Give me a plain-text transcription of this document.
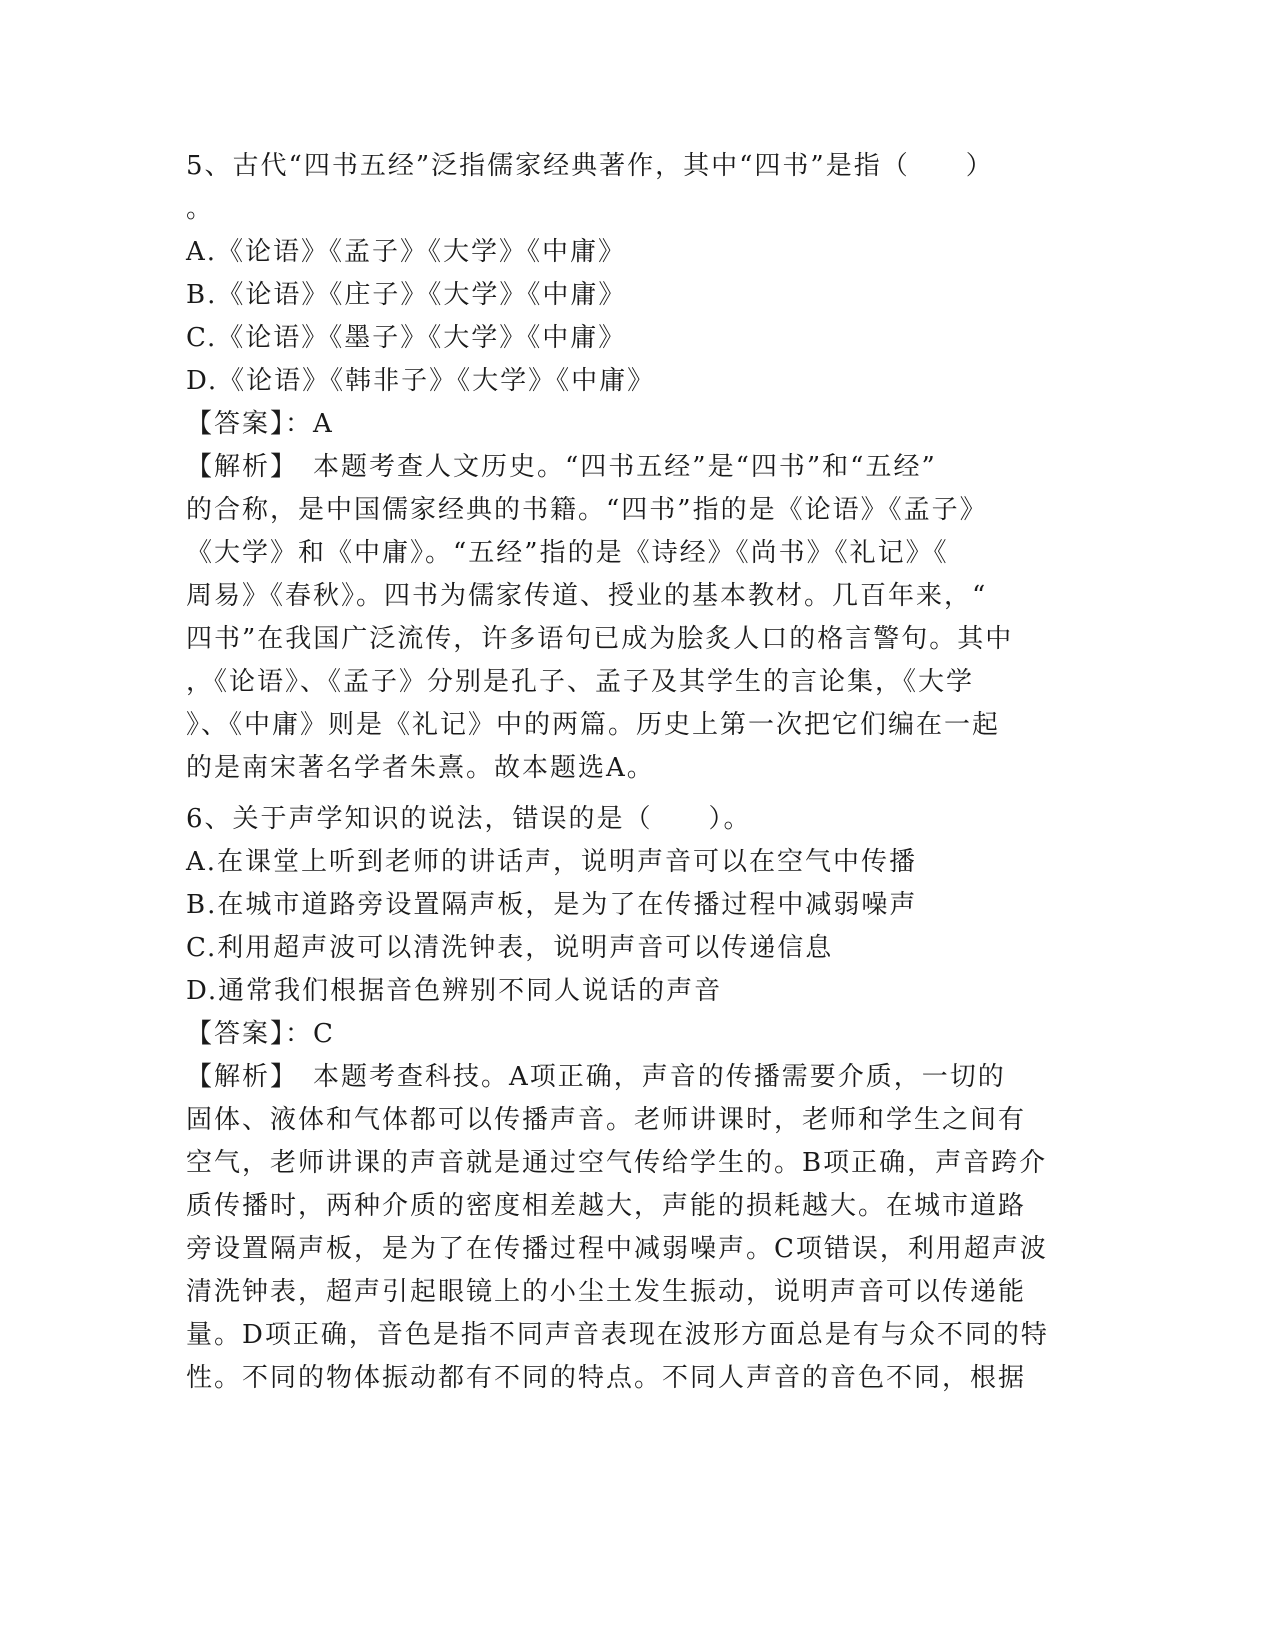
5、古代“四书五经”泛指儒家经典著作，其中“四书”是指（　　）
。
A.《论语》《孟子》《大学》《中庸》
B.《论语》《庄子》《大学》《中庸》
C.《论语》《墨子》《大学》《中庸》
D.《论语》《韩非子》《大学》《中庸》
【答案】：A
【解析】　本题考查人文历史。“四书五经”是“四书”和“五经”
的合称，是中国儒家经典的书籍。“四书”指的是《论语》《孟子》
《大学》和《中庸》。“五经”指的是《诗经》《尚书》《礼记》《
周易》《春秋》。四书为儒家传道、授业的基本教材。几百年来，“
四书”在我国广泛流传，许多语句已成为脍炙人口的格言警句。其中
，《论语》、《孟子》分别是孔子、孟子及其学生的言论集，《大学
》、《中庸》则是《礼记》中的两篇。历史上第一次把它们编在一起
的是南宋著名学者朱熹。故本题选A。
6、关于声学知识的说法，错误的是（　　）。
A.在课堂上听到老师的讲话声，说明声音可以在空气中传播
B.在城市道路旁设置隔声板，是为了在传播过程中减弱噪声
C.利用超声波可以清洗钟表，说明声音可以传递信息
D.通常我们根据音色辨别不同人说话的声音
【答案】：C
【解析】　本题考查科技。A项正确，声音的传播需要介质，一切的
固体、液体和气体都可以传播声音。老师讲课时，老师和学生之间有
空气，老师讲课的声音就是通过空气传给学生的。B项正确，声音跨介
质传播时，两种介质的密度相差越大，声能的损耗越大。在城市道路
旁设置隔声板，是为了在传播过程中减弱噪声。C项错误，利用超声波
清洗钟表，超声引起眼镜上的小尘土发生振动，说明声音可以传递能
量。D项正确，音色是指不同声音表现在波形方面总是有与众不同的特
性。不同的物体振动都有不同的特点。不同人声音的音色不同，根据
